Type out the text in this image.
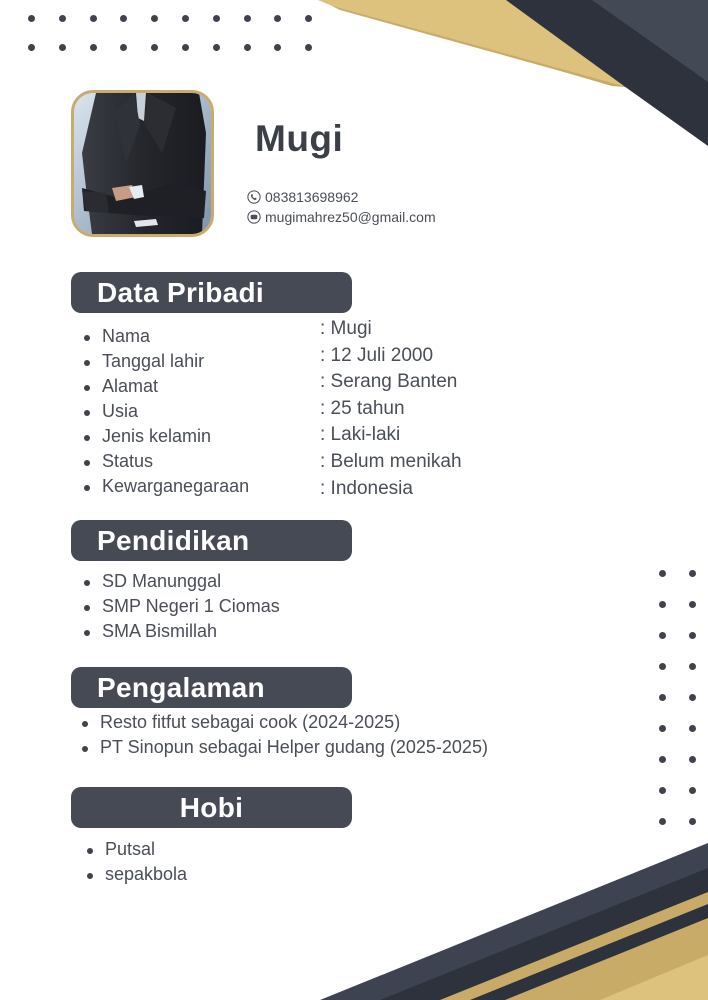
Mugi
083813698962
mugimahrez50@gmail.com
Data Pribadi
Nama
Tanggal lahir
Alamat
Usia
Jenis kelamin
Status
Kewarganegaraan
: Mugi
: 12 Juli 2000
: Serang Banten
: 25 tahun
: Laki-laki
: Belum menikah
: Indonesia
Pendidikan
SD Manunggal
SMP Negeri 1 Ciomas
SMA Bismillah
Pengalaman
Resto fitfut sebagai cook (2024-2025)
PT Sinopun sebagai Helper gudang (2025-2025)
Hobi
Putsal
sepakbola
